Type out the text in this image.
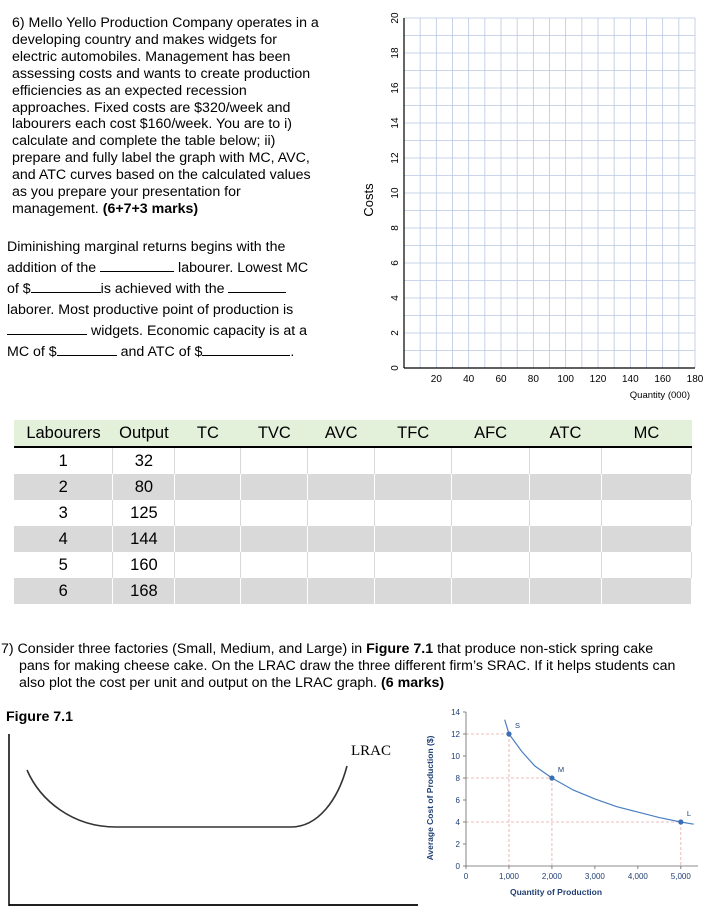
6) Mello Yello Production Company operates in a
developing country and makes widgets for
electric automobiles. Management has been
assessing costs and wants to create production
efficiencies as an expected recession
approaches. Fixed costs are $320/week and
labourers each cost $160/week. You are to i)
calculate and complete the table below; ii)
prepare and fully label the graph with MC, AVC,
and ATC curves based on the calculated values
as you prepare your presentation for
management. (6+7+3 marks)
Diminishing marginal returns begins with the
addition of the	labourer. Lowest MC
of $	is achieved with the
laborer. Most productive point of production is
widgets. Economic capacity is at a
MC of $	and ATC of $	.
0
2
4
6
8
10
12
14
16
18
20
20 40 60 80 100 120 140 160 180
Costs
Quantity (000)
Labourers	Output	TC	TVC	AVC	TFC	AFC	ATC	MC
1	32							
2	80							
3	125							
4	144							
5	160							
6	168							
7) Consider three factories (Small, Medium, and Large) in Figure 7.1 that produce non-stick spring cake
pans for making cheese cake. On the LRAC draw the three different firm’s SRAC. If it helps students can
also plot the cost per unit and output on the LRAC graph. (6 marks)
Figure 7.1
LRAC
0
2
4
6
8
10
12
14
0	1,000	2,000	3,000	4,000	5,000
S
M
L
Average Cost of Production ($)
Quantity of Production
